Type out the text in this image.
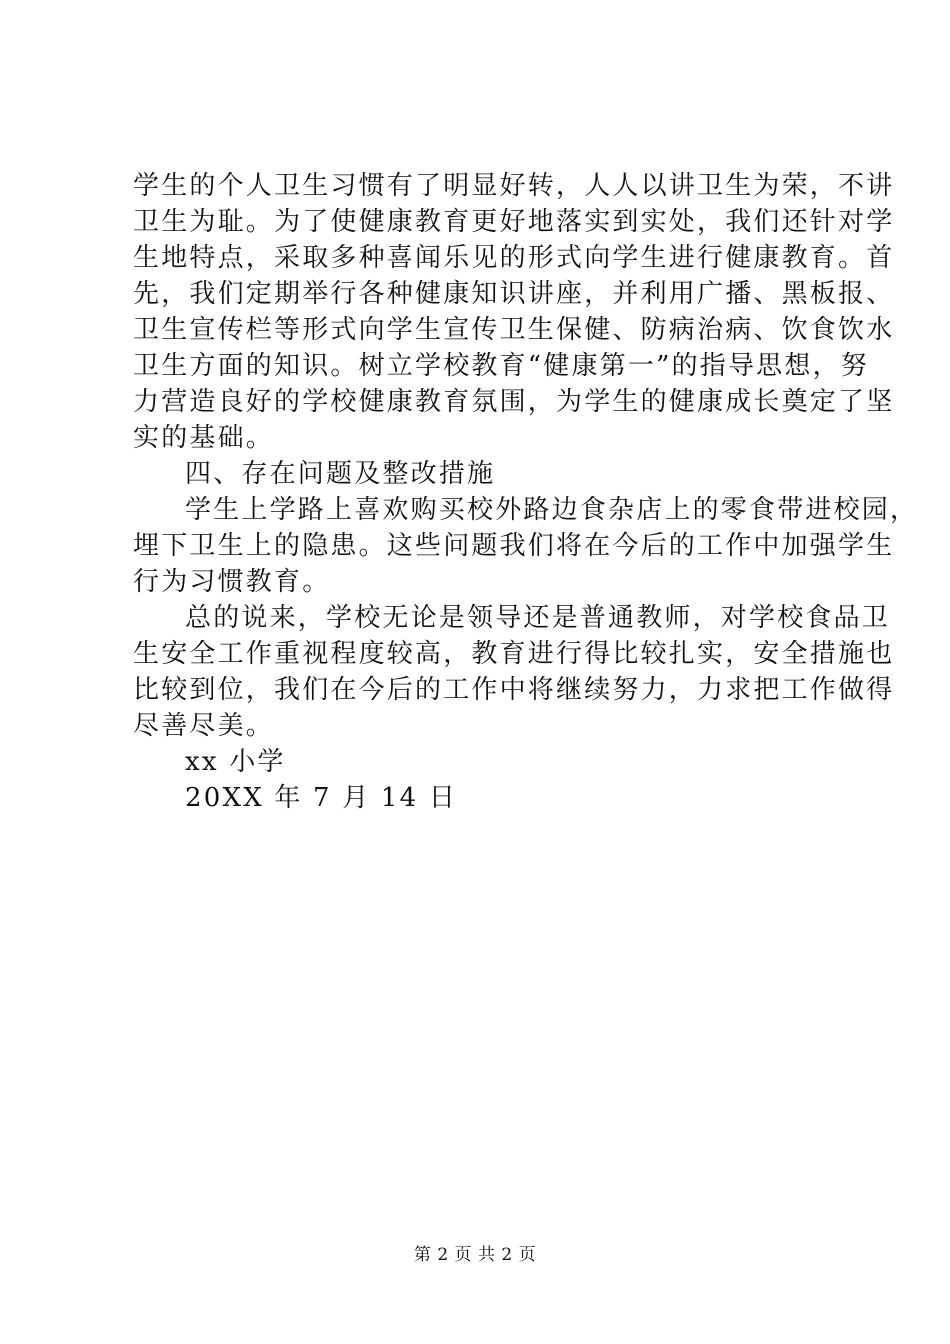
学生的个人卫生习惯有了明显好转，人人以讲卫生为荣，不讲
卫生为耻。为了使健康教育更好地落实到实处，我们还针对学
生地特点，采取多种喜闻乐见的形式向学生进行健康教育。首
先，我们定期举行各种健康知识讲座，并利用广播、黑板报、
卫生宣传栏等形式向学生宣传卫生保健、防病治病、饮食饮水
卫生方面的知识。树立学校教育“健康第一”的指导思想，努
力营造良好的学校健康教育氛围，为学生的健康成长奠定了坚
实的基础。
四、存在问题及整改措施
学生上学路上喜欢购买校外路边食杂店上的零食带进校园，
埋下卫生上的隐患。这些问题我们将在今后的工作中加强学生
行为习惯教育。
总的说来，学校无论是领导还是普通教师，对学校食品卫
生安全工作重视程度较高，教育进行得比较扎实，安全措施也
比较到位，我们在今后的工作中将继续努力，力求把工作做得
尽善尽美。
xx 小学
20XX 年 7 月 14 日
第 2 页 共 2 页
